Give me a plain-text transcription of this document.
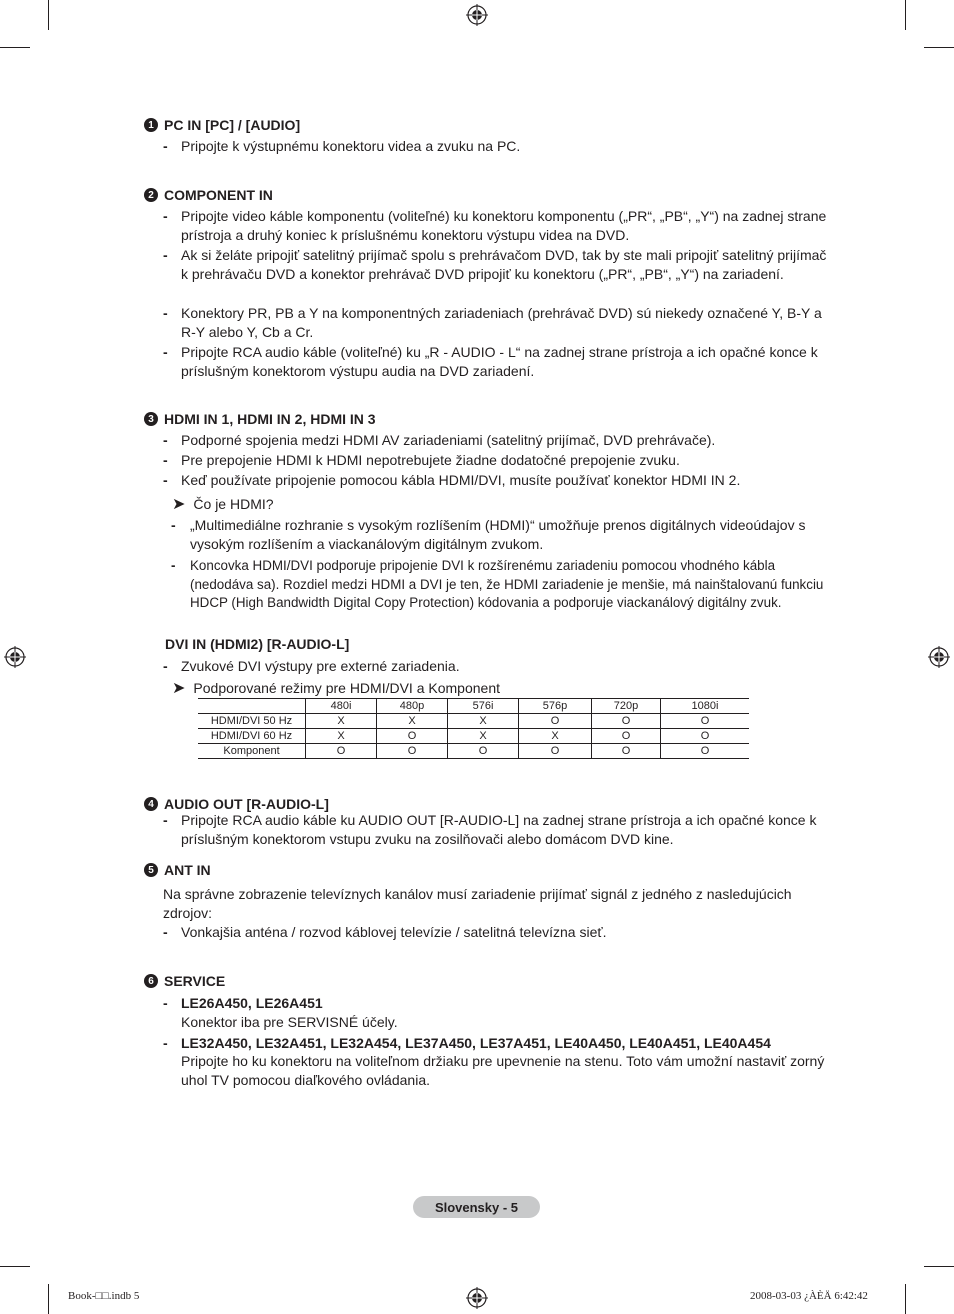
1 PC IN [PC] / [AUDIO]
- Pripojte k výstupnému konektoru videa a zvuku na PC.
2 COMPONENT IN
- Pripojte video káble komponentu (voliteľné) ku konektoru komponentu („PR“, „PB“, „Y“) na zadnej strane prístroja a druhý koniec k príslušnému konektoru výstupu videa na DVD.
- Ak si želáte pripojiť satelitný prijímač spolu s prehrávačom DVD, tak by ste mali pripojiť satelitný prijímač k prehrávaču DVD a konektor prehrávač DVD pripojiť ku konektoru („PR“, „PB“, „Y“) na zariadení.
- Konektory PR, PB a Y na komponentných zariadeniach (prehrávač DVD) sú niekedy označené Y, B-Y a R-Y alebo Y, Cb a Cr.
- Pripojte RCA audio káble (voliteľné) ku „R - AUDIO - L“ na zadnej strane prístroja a ich opačné konce k príslušným konektorom výstupu audia na DVD zariadení.
3 HDMI IN 1, HDMI IN 2, HDMI IN 3
- Podporné spojenia medzi HDMI AV zariadeniami (satelitný prijímač, DVD prehrávače).
- Pre prepojenie HDMI k HDMI nepotrebujete žiadne dodatočné prepojenie zvuku.
- Keď používate pripojenie pomocou kábla HDMI/DVI, musíte používať konektor HDMI IN 2.
➤ Čo je HDMI?
- „Multimediálne rozhranie s vysokým rozlíšením (HDMI)“ umožňuje prenos digitálnych videoúdajov s vysokým rozlíšením a viackanálovým digitálnym zvukom.
- Koncovka HDMI/DVI podporuje pripojenie DVI k rozšírenému zariadeniu pomocou vhodného kábla (nedodáva sa). Rozdiel medzi HDMI a DVI je ten, že HDMI zariadenie je menšie, má nainštalovanú funkciu HDCP (High Bandwidth Digital Copy Protection) kódovania a podporuje viackanálový digitálny zvuk.
DVI IN (HDMI2) [R-AUDIO-L]
- Zvukové DVI výstupy pre externé zariadenia.
➤ Podporované režimy pre HDMI/DVI a Komponent
	480i	480p	576i	576p	720p	1080i
HDMI/DVI 50 Hz	X	X	X	O	O	O
HDMI/DVI 60 Hz	X	O	X	X	O	O
Komponent	O	O	O	O	O	O
4 AUDIO OUT [R-AUDIO-L]
- Pripojte RCA audio káble ku AUDIO OUT [R-AUDIO-L] na zadnej strane prístroja a ich opačné konce k príslušným konektorom vstupu zvuku na zosilňovači alebo domácom DVD kine.
5 ANT IN
Na správne zobrazenie televíznych kanálov musí zariadenie prijímať signál z jedného z nasledujúcich zdrojov:
- Vonkajšia anténa / rozvod káblovej televízie / satelitná televízna sieť.
6 SERVICE
- LE26A450, LE26A451
Konektor iba pre SERVISNÉ účely.
- LE32A450, LE32A451, LE32A454, LE37A450, LE37A451, LE40A450, LE40A451, LE40A454
Pripojte ho ku konektoru na voliteľnom držiaku pre upevnenie na stenu. Toto vám umožní nastaviť zorný uhol TV pomocou diaľkového ovládania.
Slovensky - 5
Book-□□.indb 5	2008-03-03 ¿ÀÈÄ 6:42:42
